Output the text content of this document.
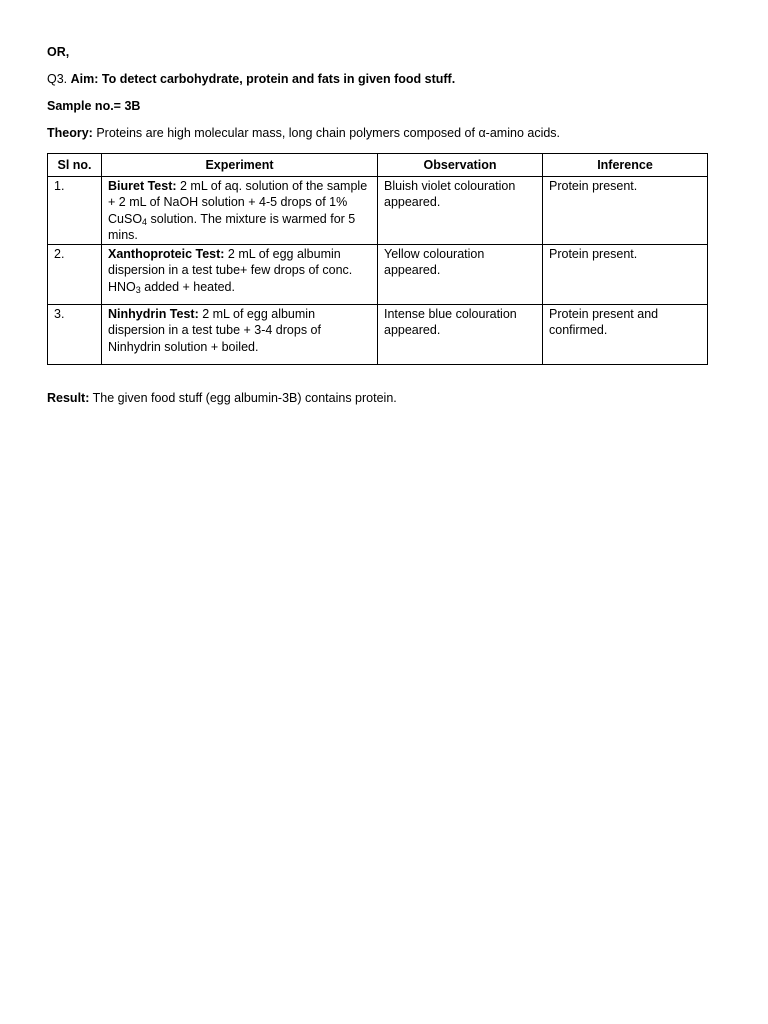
OR,
Q3. Aim: To detect carbohydrate, protein and fats in given food stuff.
Sample no.= 3B
Theory: Proteins are high molecular mass, long chain polymers composed of α-amino acids.
Sl no.	Experiment	Observation	Inference
1.	Biuret Test: 2 mL of aq. solution of the sample + 2 mL of NaOH solution + 4-5 drops of 1% CuSO$_4$ solution. The mixture is warmed for 5 mins.	Bluish violet colouration appeared.	Protein present.
2.	Xanthoproteic Test: 2 mL of egg albumin dispersion in a test tube+ few drops of conc. $HNO_3$ added + heated.	Yellow colouration appeared.	Protein present.
3.	Ninhydrin Test: 2 mL of egg albumin dispersion in a test tube + 3-4 drops of Ninhydrin solution + boiled.	Intense blue colouration appeared.	Protein present and confirmed.
Result: The given food stuff (egg albumin-3B) contains protein.
